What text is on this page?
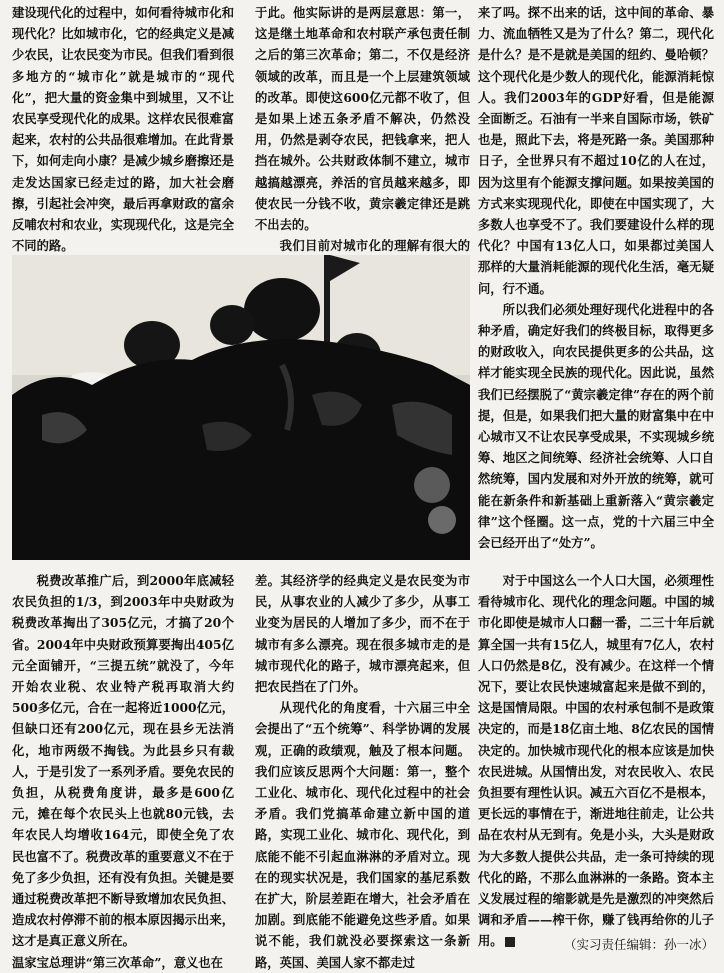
建设现代化的过程中，如何看待城市化和现代化？比如城市化，它的经典定义是减少农民，让农民变为市民。但我们看到很多地方的“城市化”就是城市的“现代化”，把大量的资金集中到城里，又不让农民享受现代化的成果。这样农民很难富起来，农村的公共品很难增加。在此背景下，如何走向小康？是减少城乡磨擦还是走发达国家已经走过的路，加大社会磨擦，引起社会冲突，最后再拿财政的富余反哺农村和农业，实现现代化，这是完全不同的路。

于此。他实际讲的是两层意思：第一，这是继土地革命和农村联产承包责任制之后的第三次革命；第二，不仅是经济领域的改革，而且是一个上层建筑领域的改革。即使这600亿元都不收了，但是如果上述五条矛盾不解决，仍然没用，仍然是剥夺农民，把钱拿来，把人挡在城外。公共财政体制不建立，城市越搞越漂亮，养活的官员越来越多，即使农民一分钱不收，黄宗羲定律还是跳不出去的。

我们目前对城市化的理解有很大的

来了吗。探不出来的话，这中间的革命、暴力、流血牺牲又是为了什么？第二，现代化是什么？是不是就是美国的纽约、曼哈顿？这个现代化是少数人的现代化，能源消耗惊人。我们2003年的GDP好看，但是能源全面断乏。石油有一半来自国际市场，铁矿也是，照此下去，将是死路一条。美国那种日子，全世界只有不超过10亿的人在过，因为这里有个能源支撑问题。如果按美国的方式来实现现代化，即使在中国实现了，大多数人也享受不了。我们要建设什么样的现代化？中国有13亿人口，如果都过美国人那样的大量消耗能源的现代化生活，毫无疑问，行不通。

所以我们必须处理好现代化进程中的各种矛盾，确定好我们的终极目标，取得更多的财政收入，向农民提供更多的公共品，这样才能实现全民族的现代化。因此说，虽然我们已经摆脱了“黄宗羲定律”存在的两个前提，但是，如果我们把大量的财富集中在中心城市又不让农民享受成果，不实现城乡统筹、地区之间统筹、经济社会统筹、人口自然统筹，国内发展和对外开放的统筹，就可能在新条件和新基础上重新落入“黄宗羲定律”这个怪圈。这一点，党的十六届三中全会已经开出了“处方”。

税费改革推广后，到2000年底减轻农民负担的1/3，到2003年中央财政为税费改革掏出了305亿元，才搞了20个省。2004年中央财政预算要掏出405亿元全面铺开，“三提五统”就没了，今年开始农业税、农业特产税再取消大约500多亿元，合在一起将近1000亿元，但缺口还有200亿元，现在县乡无法消化，地市两级不掏钱。为此县乡只有裁人，于是引发了一系列矛盾。要免农民的负担，从税费角度讲，最多是600亿元，摊在每个农民头上也就80元钱，去年农民人均增收164元，即使全免了农民也富不了。税费改革的重要意义不在于免了多少负担，还有没有负担。关键是要通过税费改革把不断导致增加农民负担、造成农村停滞不前的根本原因揭示出来，这才是真正意义所在。

温家宝总理讲“第三次革命”，意义也在

差。其经济学的经典定义是农民变为市民，从事农业的人减少了多少，从事工业变为居民的人增加了多少，而不在于城市有多么漂亮。现在很多城市走的是城市现代化的路子，城市漂亮起来，但把农民挡在了门外。

从现代化的角度看，十六届三中全会提出了“五个统筹”、科学协调的发展观，正确的政绩观，触及了根本问题。我们应该反思两个大问题：第一，整个工业化、城市化、现代化过程中的社会矛盾。我们党搞革命建立新中国的道路，实现工业化、城市化、现代化，到底能不能不引起血淋淋的矛盾对立。现在的现实状况是，我们国家的基尼系数在扩大，阶层差距在增大，社会矛盾在加剧。到底能不能避免这些矛盾。如果说不能，我们就没必要探索这一条新路，英国、美国人家不都走过

对于中国这么一个人口大国，必须理性看待城市化、现代化的理念问题。中国的城市化即使是城市人口翻一番，二三十年后就算全国一共有15亿人，城里有7亿人，农村人口仍然是8亿，没有减少。在这样一个情况下，要让农民快速城富起来是做不到的，这是国情局限。中国的农村承包制不是政策决定的，而是18亿亩土地、8亿农民的国情决定的。加快城市现代化的根本应该是加快农民进城。从国情出发，对农民收入、农民负担要有理性认识。减五六百亿不是根本，更长远的事情在于，渐进地往前走，让公共品在农村从无到有。免是小头，大头是财政为大多数人提供公共品，走一条可持续的现代化的路，不那么血淋淋的一条路。资本主义发展过程的缩影就是先是激烈的冲突然后调和矛盾——榨干你，赚了钱再给你的儿子用。	（实习责任编辑：孙一冰）
